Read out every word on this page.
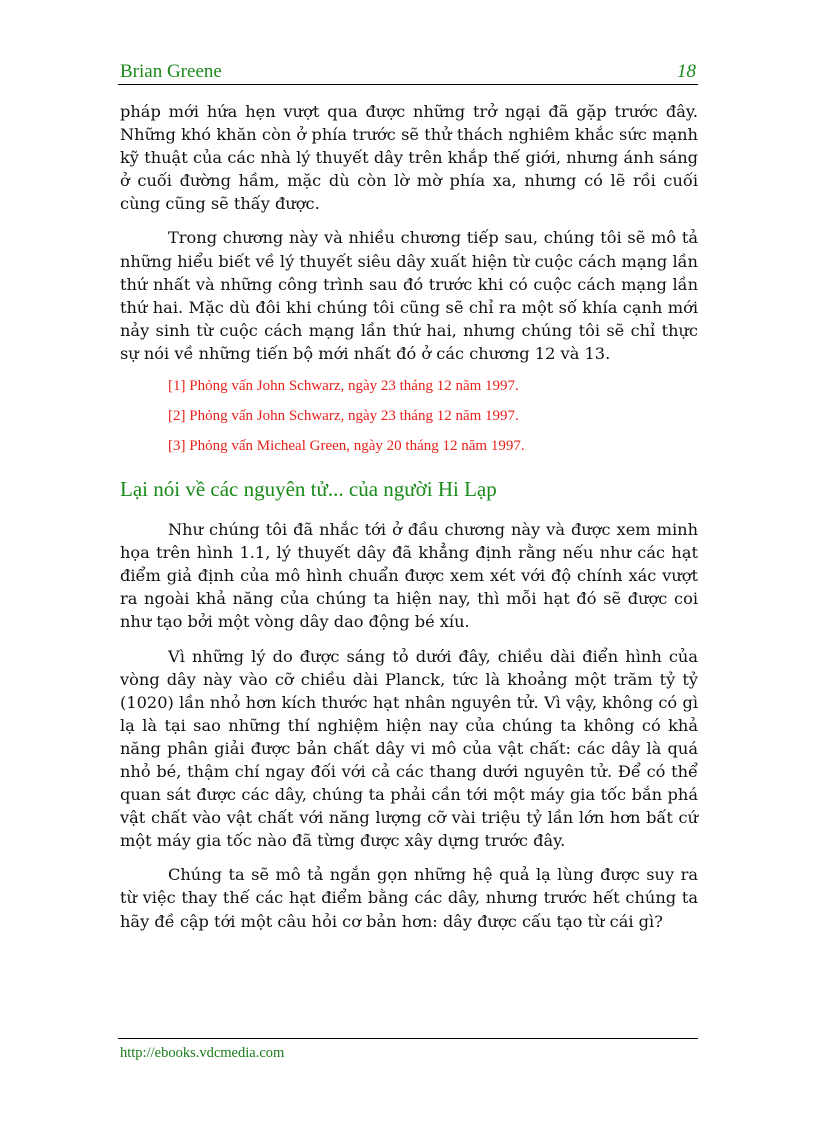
Brian Greene	18

pháp mới hứa hẹn vượt qua được những trở ngại đã gặp trước đây. Những khó khăn còn ở phía trước sẽ thử thách nghiêm khắc sức mạnh kỹ thuật của các nhà lý thuyết dây trên khắp thế giới, nhưng ánh sáng ở cuối đường hầm, mặc dù còn lờ mờ phía xa, nhưng có lẽ rồi cuối cùng cũng sẽ thấy được.

Trong chương này và nhiều chương tiếp sau, chúng tôi sẽ mô tả những hiểu biết về lý thuyết siêu dây xuất hiện từ cuộc cách mạng lần thứ nhất và những công trình sau đó trước khi có cuộc cách mạng lần thứ hai. Mặc dù đôi khi chúng tôi cũng sẽ chỉ ra một số khía cạnh mới nảy sinh từ cuộc cách mạng lần thứ hai, nhưng chúng tôi sẽ chỉ thực sự nói về những tiến bộ mới nhất đó ở các chương 12 và 13.

[1] Phỏng vấn John Schwarz, ngày 23 tháng 12 năm 1997.
[2] Phỏng vấn John Schwarz, ngày 23 tháng 12 năm 1997.
[3] Phỏng vấn Micheal Green, ngày 20 tháng 12 năm 1997.
Lại nói về các nguyên tử... của người Hi Lạp

Như chúng tôi đã nhắc tới ở đầu chương này và được xem minh họa trên hình 1.1, lý thuyết dây đã khẳng định rằng nếu như các hạt điểm giả định của mô hình chuẩn được xem xét với độ chính xác vượt ra ngoài khả năng của chúng ta hiện nay, thì mỗi hạt đó sẽ được coi như tạo bởi một vòng dây dao động bé xíu.

Vì những lý do được sáng tỏ dưới đây, chiều dài điển hình của vòng dây này vào cỡ chiều dài Planck, tức là khoảng một trăm tỷ tỷ (1020) lần nhỏ hơn kích thước hạt nhân nguyên tử. Vì vậy, không có gì lạ là tại sao những thí nghiệm hiện nay của chúng ta không có khả năng phân giải được bản chất dây vi mô của vật chất: các dây là quá nhỏ bé, thậm chí ngay đối với cả các thang dưới nguyên tử. Để có thể quan sát được các dây, chúng ta phải cần tới một máy gia tốc bắn phá vật chất vào vật chất với năng lượng cỡ vài triệu tỷ lần lớn hơn bất cứ một máy gia tốc nào đã từng được xây dựng trước đây.

Chúng ta sẽ mô tả ngắn gọn những hệ quả lạ lùng được suy ra từ việc thay thế các hạt điểm bằng các dây, nhưng trước hết chúng ta hãy đề cập tới một câu hỏi cơ bản hơn: dây được cấu tạo từ cái gì?

http://ebooks.vdcmedia.com
